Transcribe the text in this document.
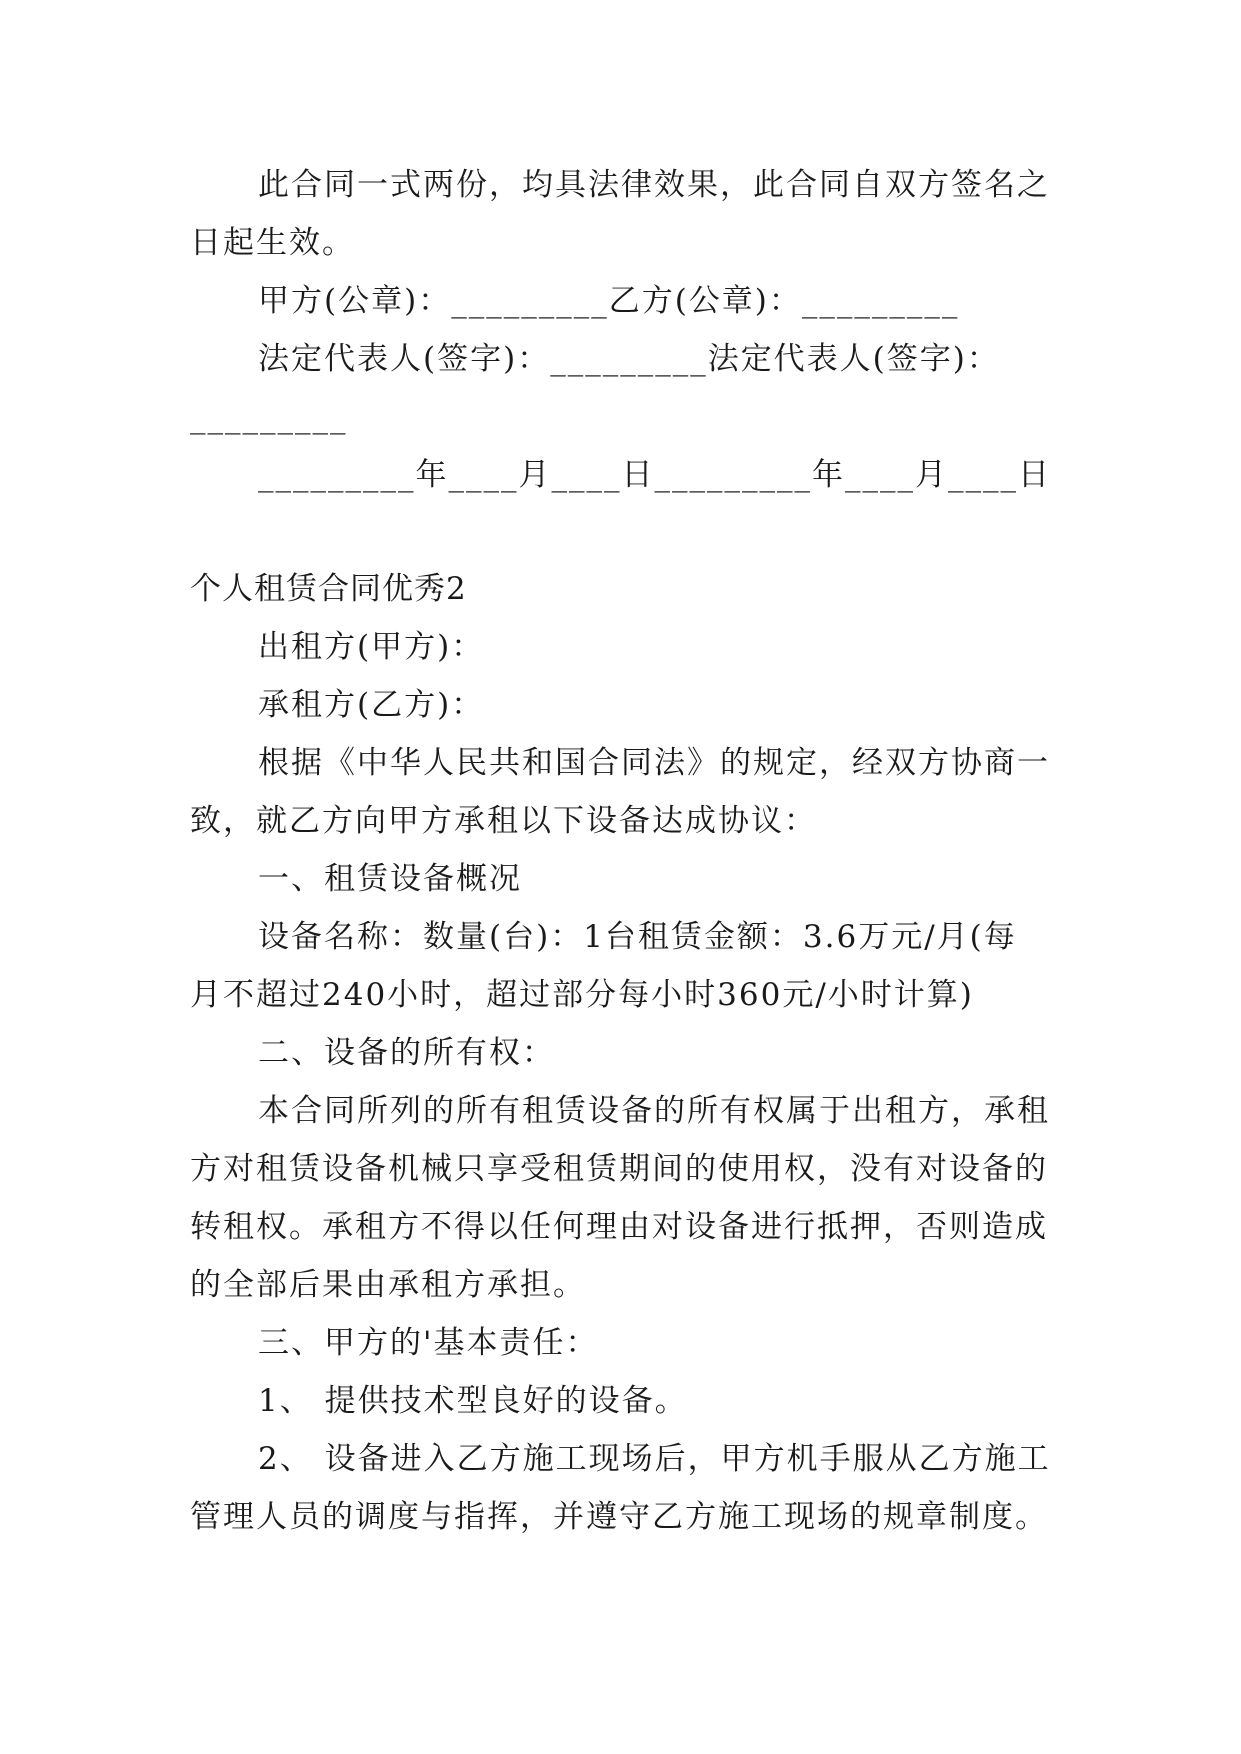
此合同一式两份，均具法律效果，此合同自双方签名之
日起生效。
甲方(公章)：_________乙方(公章)：_________
法定代表人(签字)：_________法定代表人(签字)：
_________
_________年____月____日_________年____月____日
个人租赁合同优秀2
出租方(甲方)：
承租方(乙方)：
根据《中华人民共和国合同法》的规定，经双方协商一
致，就乙方向甲方承租以下设备达成协议：
一、租赁设备概况
设备名称：数量(台)：1台租赁金额：3.6万元/月(每
月不超过240小时，超过部分每小时360元/小时计算)
二、设备的所有权：
本合同所列的所有租赁设备的所有权属于出租方，承租
方对租赁设备机械只享受租赁期间的使用权，没有对设备的
转租权。承租方不得以任何理由对设备进行抵押，否则造成
的全部后果由承租方承担。
三、甲方的'基本责任：
1、 提供技术型良好的设备。
2、 设备进入乙方施工现场后，甲方机手服从乙方施工
管理人员的调度与指挥，并遵守乙方施工现场的规章制度。
